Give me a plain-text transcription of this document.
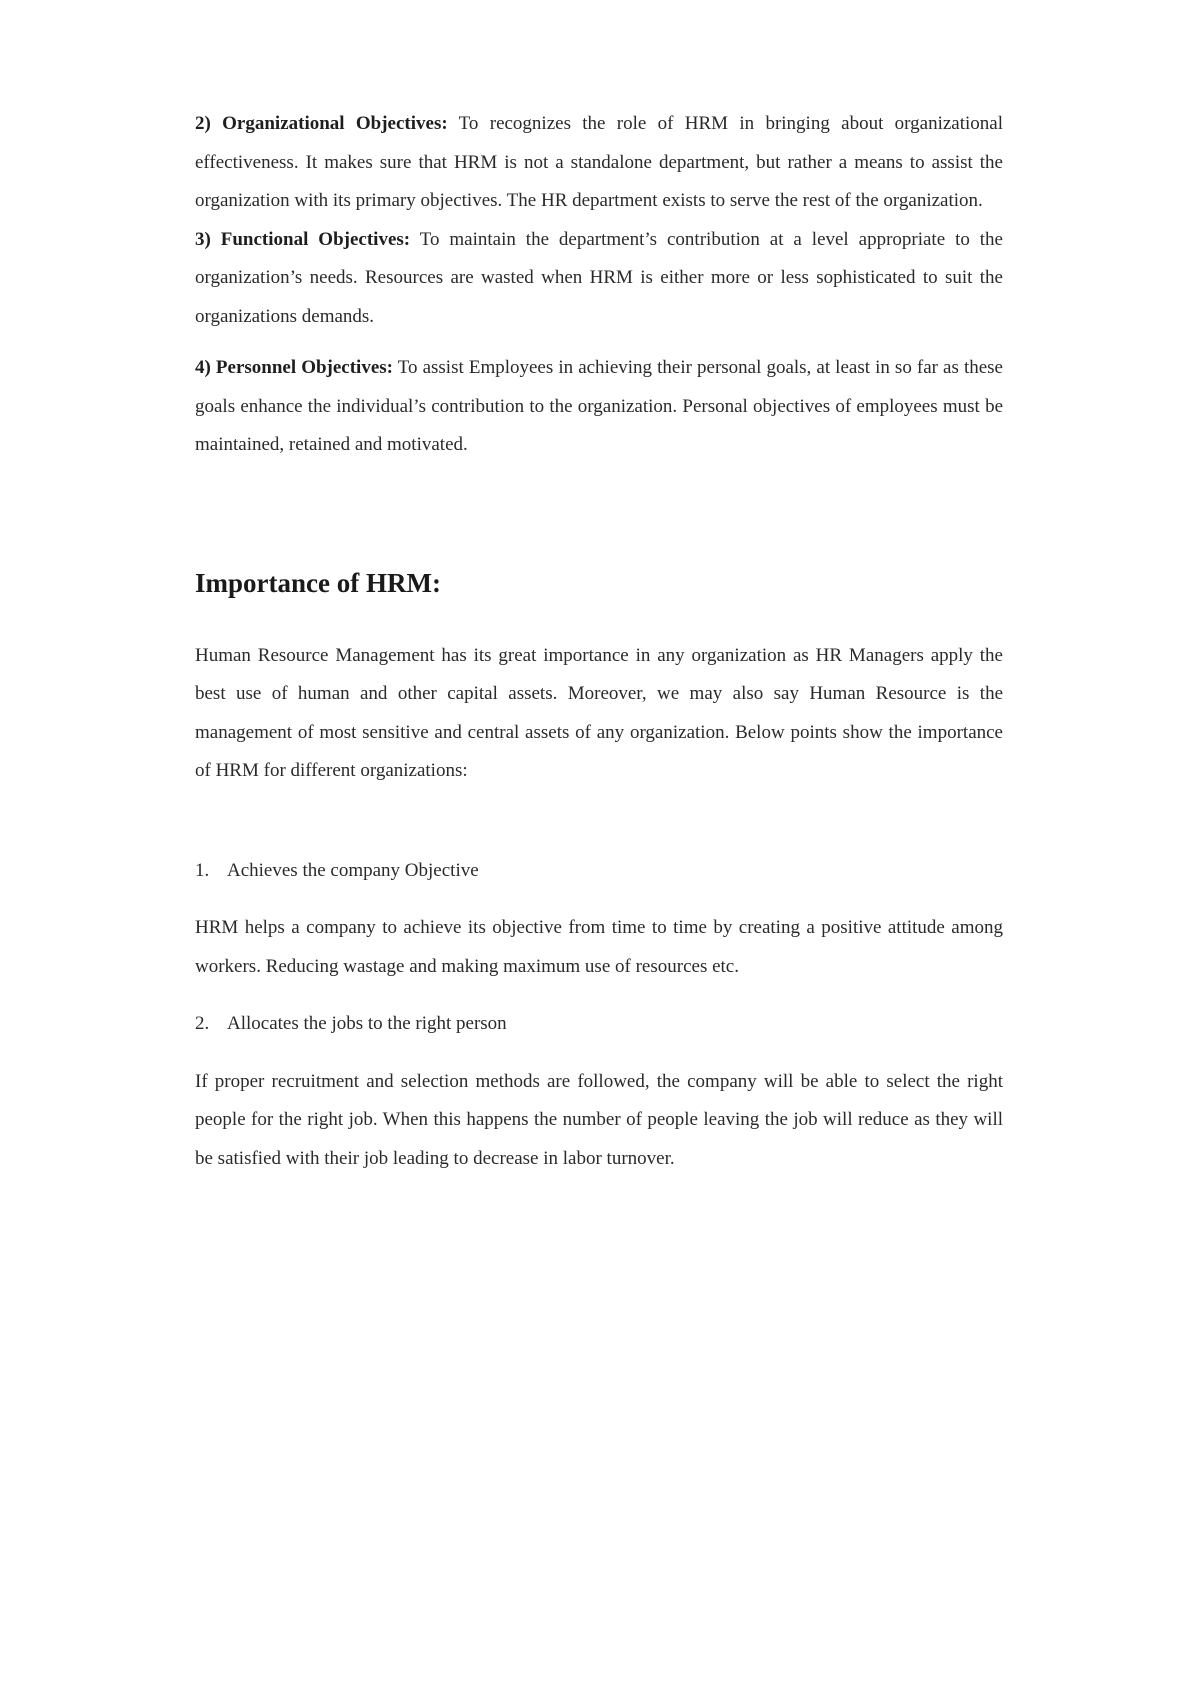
2) Organizational Objectives: To recognizes the role of HRM in bringing about organizational effectiveness. It makes sure that HRM is not a standalone department, but rather a means to assist the organization with its primary objectives. The HR department exists to serve the rest of the organization.

3) Functional Objectives: To maintain the department’s contribution at a level appropriate to the organization’s needs. Resources are wasted when HRM is either more or less sophisticated to suit the organizations demands.

4) Personnel Objectives: To assist Employees in achieving their personal goals, at least in so far as these goals enhance the individual’s contribution to the organization. Personal objectives of employees must be maintained, retained and motivated.

Importance of HRM:

Human Resource Management has its great importance in any organization as HR Managers apply the best use of human and other capital assets. Moreover, we may also say Human Resource is the management of most sensitive and central assets of any organization. Below points show the importance of HRM for different organizations:

1. Achieves the company Objective

HRM helps a company to achieve its objective from time to time by creating a positive attitude among workers. Reducing wastage and making maximum use of resources etc.

2. Allocates the jobs to the right person

If proper recruitment and selection methods are followed, the company will be able to select the right people for the right job. When this happens the number of people leaving the job will reduce as they will be satisfied with their job leading to decrease in labor turnover.
